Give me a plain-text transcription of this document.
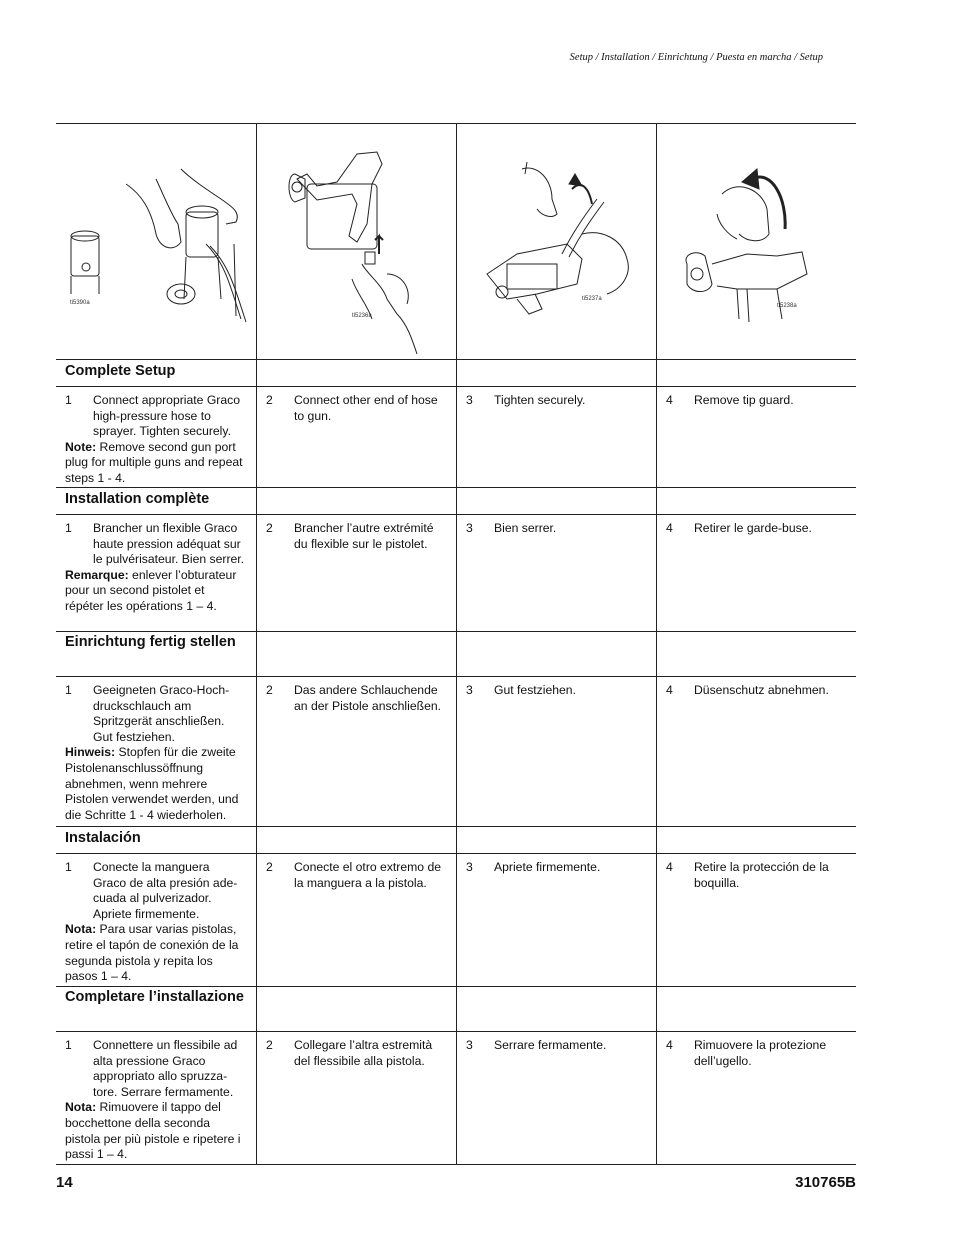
Setup / Installation / Einrichtung / Puesta en marcha / Setup
ti5390a
ti5236a
ti5237a
ti5238a
Complete Setup
1	Connect appropriate Graco high-pressure hose to sprayer. Tighten securely.
Note: Remove second gun port plug for multiple guns and repeat steps 1 - 4.
2	Connect other end of hose to gun.
3	Tighten securely.	4	Remove tip guard.
Installation complète
1	Brancher un flexible Graco haute pression adéquat sur le pulvérisateur. Bien serrer.
Remarque: enlever l’obturateur pour un second pistolet et répéter les opérations 1 – 4.
2	Brancher l’autre extrémité du flexible sur le pistolet.
3	Bien serrer.	4	Retirer le garde-buse.
Einrichtung fertig stellen
1	Geeigneten Graco-Hoch-druckschlauch am Spritzgerät anschließen. Gut festziehen.
Hinweis: Stopfen für die zweite Pistolenanschlussöffnung abnehmen, wenn mehrere Pistolen verwendet werden, und die Schritte 1 - 4 wiederholen.
2	Das andere Schlauchende an der Pistole anschließen.
3	Gut festziehen.	4	Düsenschutz abnehmen.
Instalación
1	Conecte la manguera Graco de alta presión ade-cuada al pulverizador. Apriete firmemente.
Nota: Para usar varias pistolas, retire el tapón de conexión de la segunda pistola y repita los pasos 1 – 4.
2	Conecte el otro extremo de la manguera a la pistola.
3	Apriete firmemente.	4	Retire la protección de la boquilla.
Completare l’installazione
1	Connettere un flessibile ad alta pressione Graco appropriato allo spruzza-tore. Serrare fermamente.
Nota: Rimuovere il tappo del bocchettone della seconda pistola per più pistole e ripetere i passi 1 – 4.
2	Collegare l’altra estremità del flessibile alla pistola.
3	Serrare fermamente.	4	Rimuovere la protezione dell’ugello.
14	310765B
